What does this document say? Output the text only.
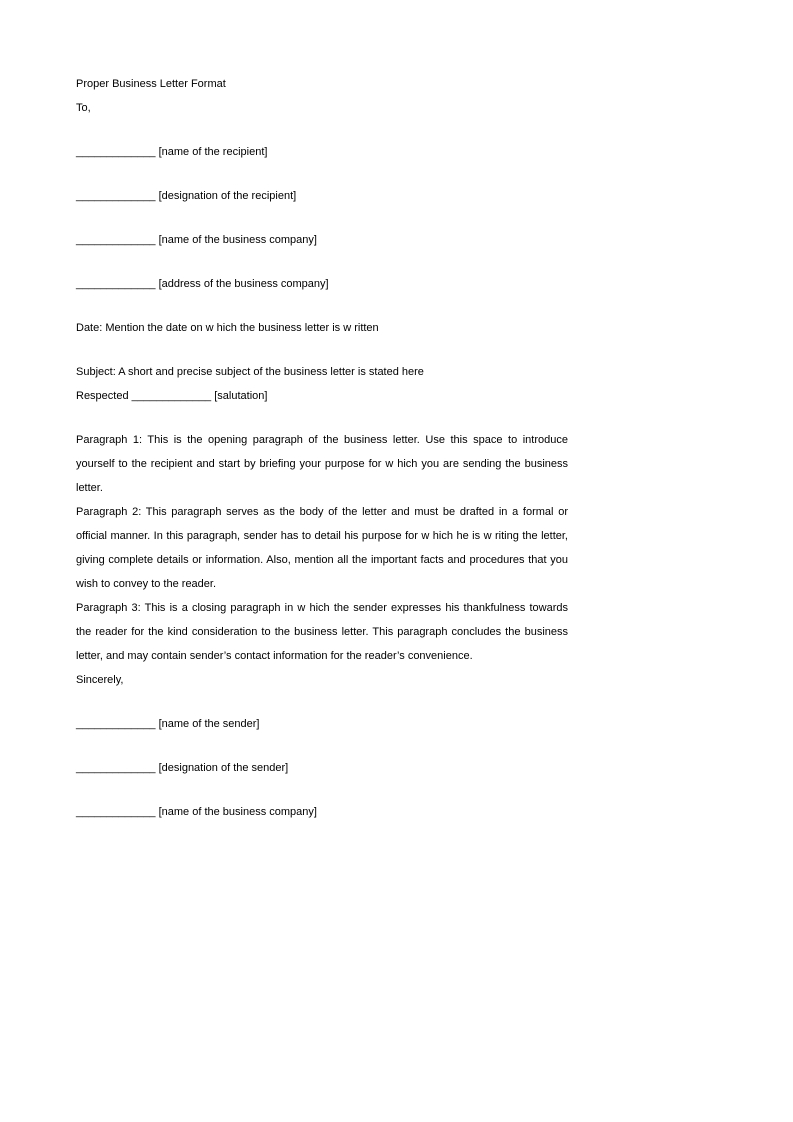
Proper Business Letter Format

To,

_____________ [name of the recipient]

_____________ [designation of the recipient]

_____________ [name of the business company]

_____________ [address of the business company]

Date: Mention the date on w hich the business letter is w ritten

Subject: A short and precise subject of the business letter is stated here

Respected _____________ [salutation]

Paragraph 1: This is the opening paragraph of the business letter. Use this space to introduce yourself to the recipient and start by briefing your purpose for w hich you are sending the business letter.

Paragraph 2: This paragraph serves as the body of the letter and must be drafted in a formal or official manner. In this paragraph, sender has to detail his purpose for w hich he is w riting the letter, giving complete details or information. Also, mention all the important facts and procedures that you wish to convey to the reader.

Paragraph 3: This is a closing paragraph in w hich the sender expresses his thankfulness towards the reader for the kind consideration to the business letter. This paragraph concludes the business letter, and may contain sender’s contact information for the reader’s convenience.

Sincerely,

_____________ [name of the sender]

_____________ [designation of the sender]

_____________ [name of the business company]
